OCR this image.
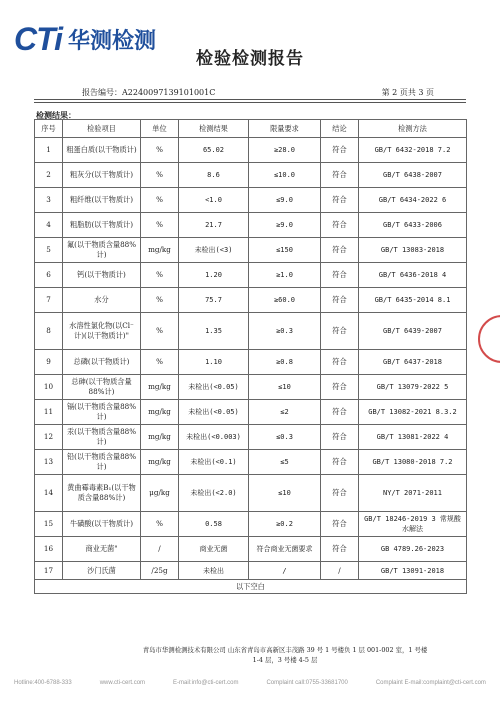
CTi 华测检测
检验检测报告
报告编号：A2240097139101001C	第 2 页共 3 页
检测结果：
序号	检验项目	单位	检测结果	限量要求	结论	检测方法
1	粗蛋白质(以干物质计)	%	65.02	≥28.0	符合	GB/T 6432-2018 7.2
2	粗灰分(以干物质计)	%	8.6	≤10.0	符合	GB/T 6438-2007
3	粗纤维(以干物质计)	%	<1.0	≤9.0	符合	GB/T 6434-2022 6
4	粗脂肪(以干物质计)	%	21.7	≥9.0	符合	GB/T 6433-2006
5	氟(以干物质含量88%计)	mg/kg	未检出(<3)	≤150	符合	GB/T 13083-2018
6	钙(以干物质计)	%	1.20	≥1.0	符合	GB/T 6436-2018 4
7	水分	%	75.7	≥60.0	符合	GB/T 6435-2014 8.1
8	水溶性氯化物(以Cl⁻计)(以干物质计)"	%	1.35	≥0.3	符合	GB/T 6439-2007
9	总磷(以干物质计)	%	1.10	≥0.8	符合	GB/T 6437-2018
10	总砷(以干物质含量88%计)	mg/kg	未检出(<0.05)	≤10	符合	GB/T 13079-2022 5
11	镉(以干物质含量88%计)	mg/kg	未检出(<0.05)	≤2	符合	GB/T 13082-2021 8.3.2
12	汞(以干物质含量88%计)	mg/kg	未检出(<0.003)	≤0.3	符合	GB/T 13081-2022 4
13	铅(以干物质含量88%计)	mg/kg	未检出(<0.1)	≤5	符合	GB/T 13080-2018 7.2
14	黄曲霉毒素B₁(以干物质含量88%计)	μg/kg	未检出(<2.0)	≤10	符合	NY/T 2071-2011
15	牛磺酸(以干物质计)	%	0.58	≥0.2	符合	GB/T 18246-2019 3 常规酸水解法
16	商业无菌"	/	商业无菌	符合商业无菌要求	符合	GB 4789.26-2023
17	沙门氏菌	/25g	未检出	/	/	GB/T 13091-2018
以下空白						
青岛市华测检测技术有限公司 山东省青岛市高新区丰茂路 39 号 1 号楼负 1 层 001-002 室，1 号楼 1-4 层，3 号楼 4-5 层
Hotline:400-6788-333	www.cti-cert.com	E-mail:info@cti-cert.com	Complaint call:0755-33681700	Complaint E-mail:complaint@cti-cert.com
